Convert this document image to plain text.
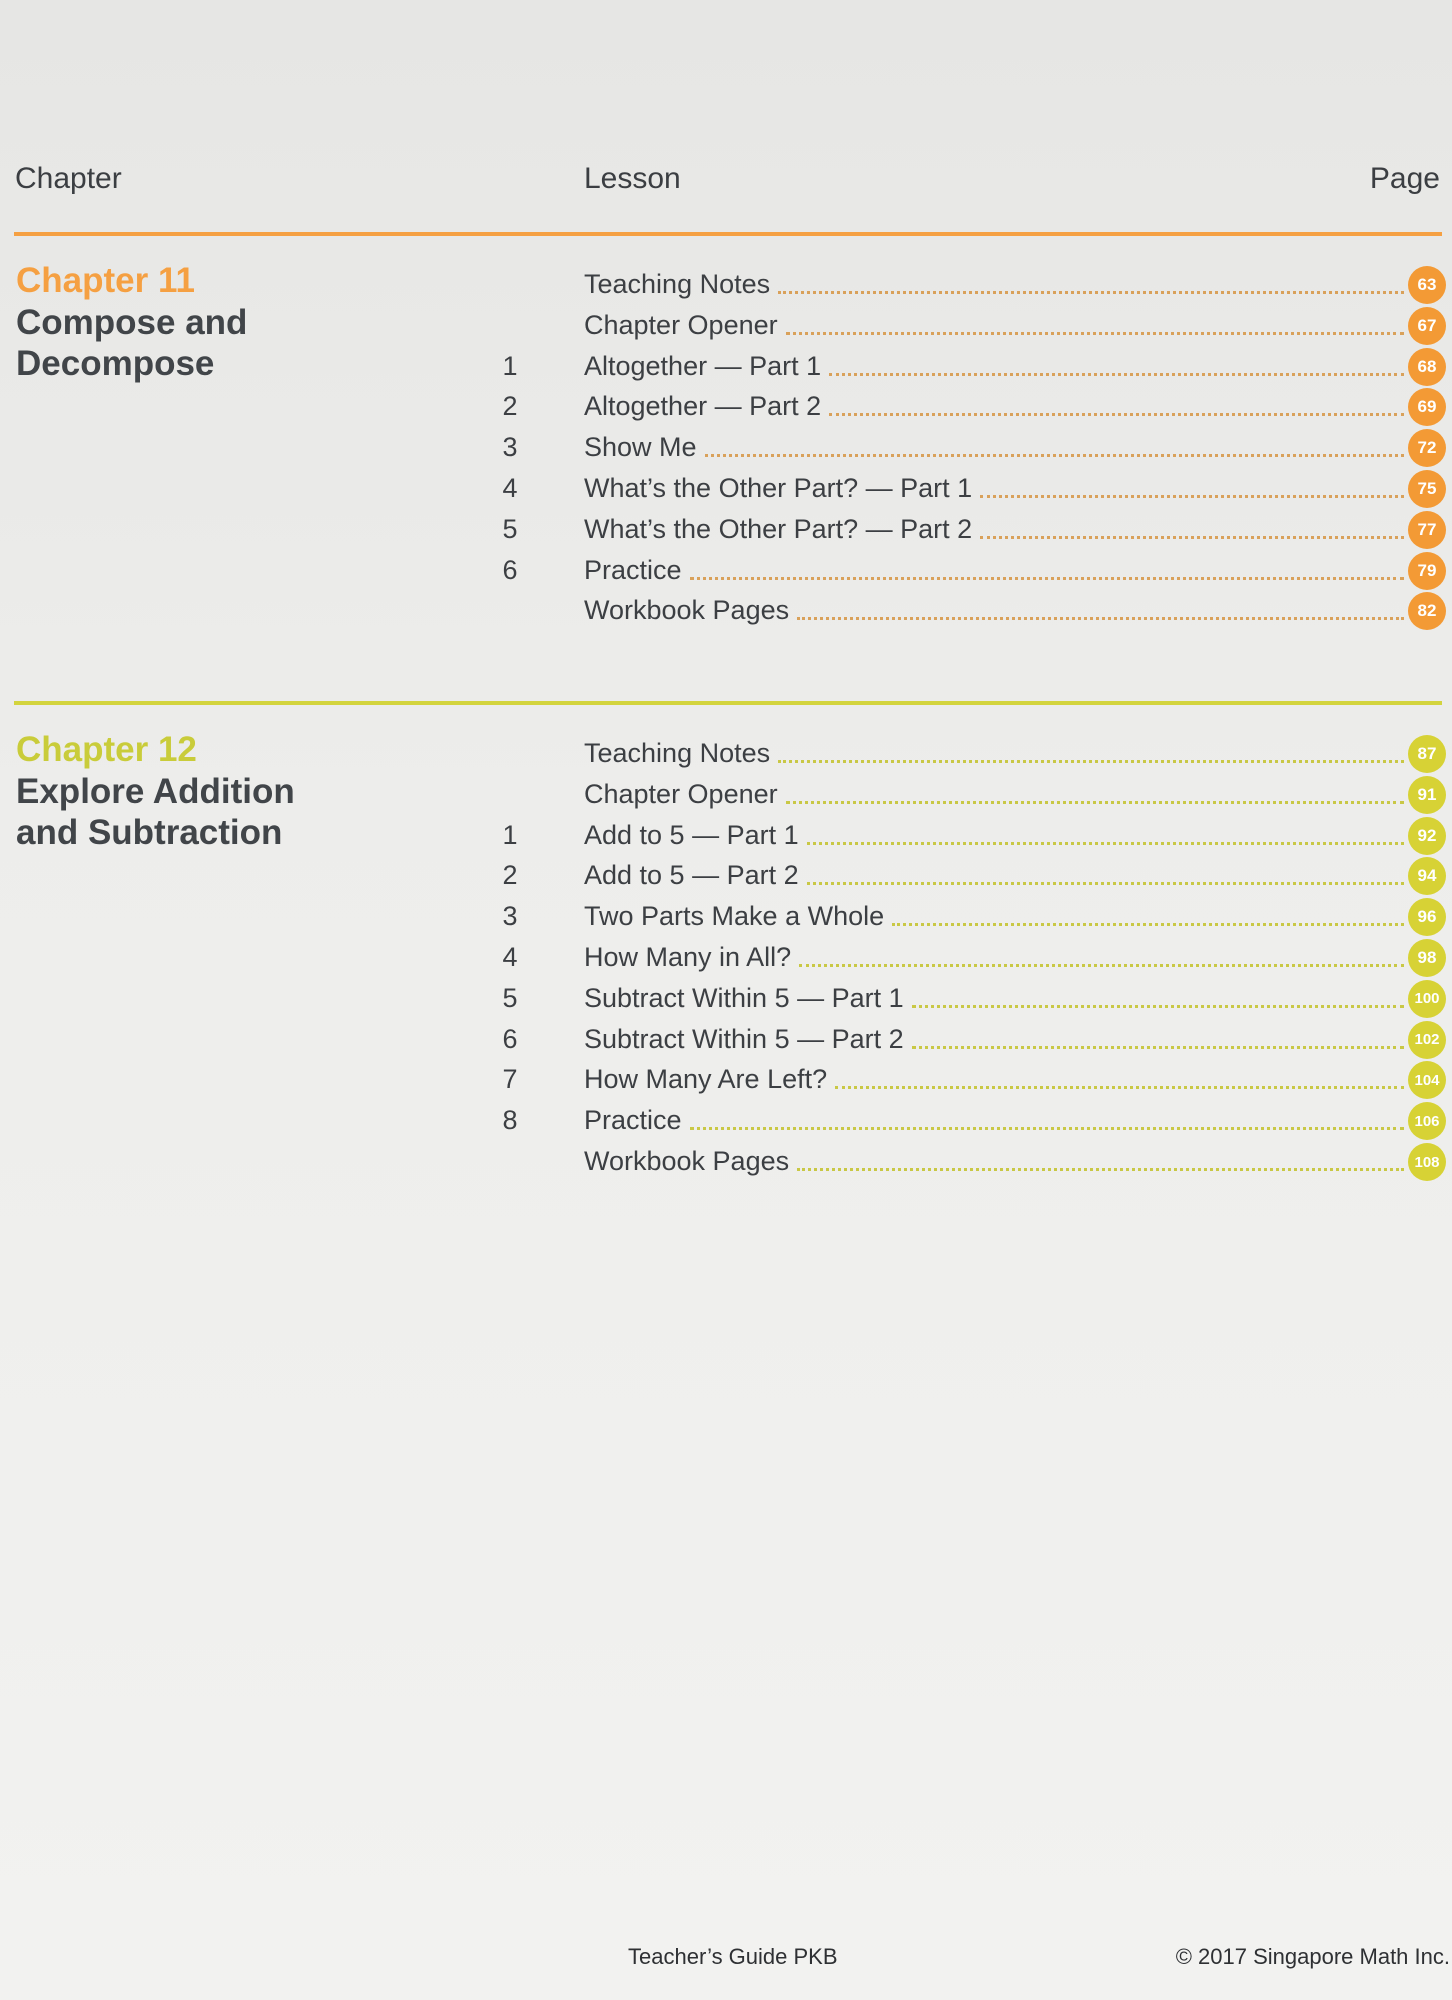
Chapter	Lesson	Page
Chapter 11
Compose and
Decompose
Teaching Notes	63
Chapter Opener	67
1	Altogether — Part 1	68
2	Altogether — Part 2	69
3	Show Me	72
4	What’s the Other Part? — Part 1	75
5	What’s the Other Part? — Part 2	77
6	Practice	79
Workbook Pages	82
Chapter 12
Explore Addition
and Subtraction
Teaching Notes	87
Chapter Opener	91
1	Add to 5 — Part 1	92
2	Add to 5 — Part 2	94
3	Two Parts Make a Whole	96
4	How Many in All?	98
5	Subtract Within 5 — Part 1	100
6	Subtract Within 5 — Part 2	102
7	How Many Are Left?	104
8	Practice	106
Workbook Pages	108
Teacher’s Guide PKB	© 2017 Singapore Math Inc.
